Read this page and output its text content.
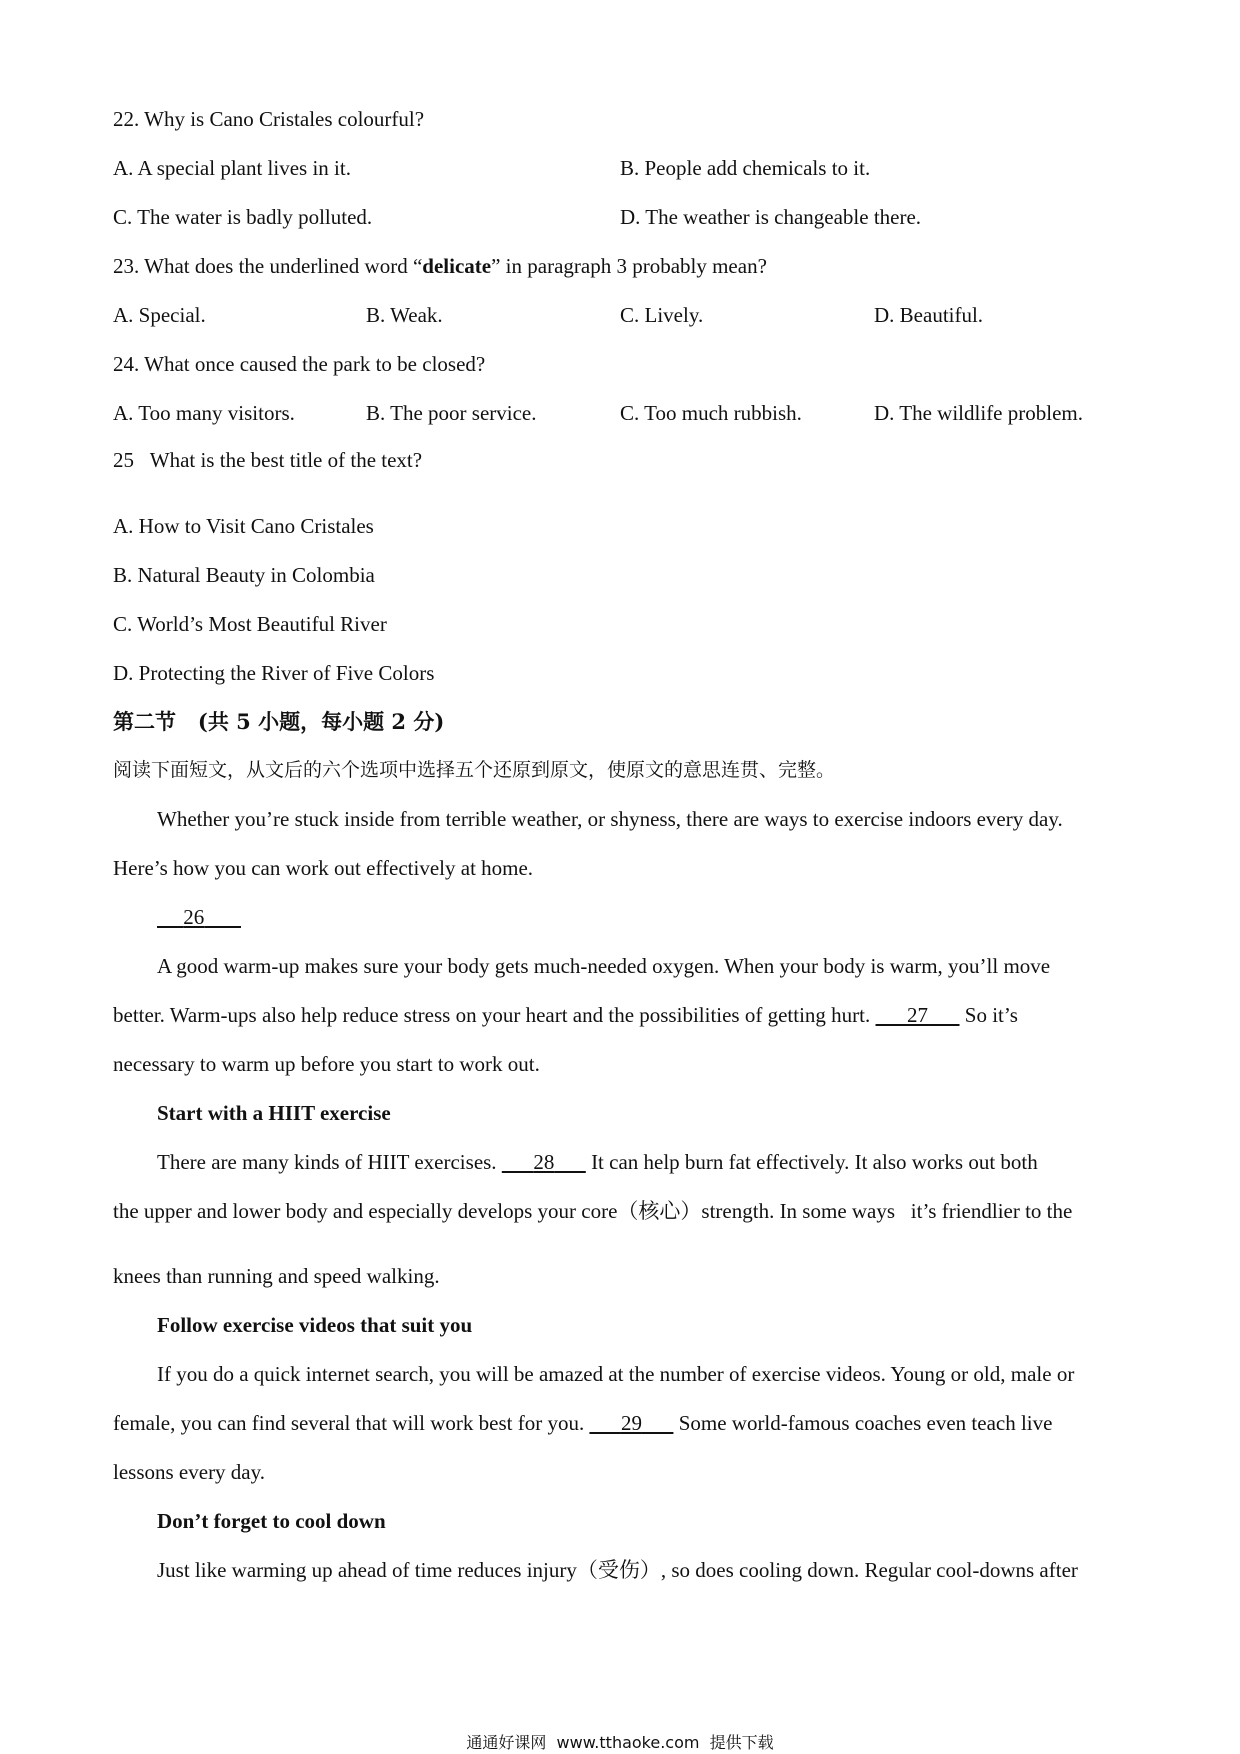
22. Why is Cano Cristales colourful?
A. A special plant lives in it.	B. People add chemicals to it.
C. The water is badly polluted.	D. The weather is changeable there.
23. What does the underlined word “delicate” in paragraph 3 probably mean?
A. Special.	B. Weak.	C. Lively.	D. Beautiful.
24. What once caused the park to be closed?
A. Too many visitors.	B. The poor service.	C. Too much rubbish.	D. The wildlife problem.
25   What is the best title of the text?
A. How to Visit Cano Cristales
B. Natural Beauty in Colombia
C. World’s Most Beautiful River
D. Protecting the River of Five Colors
第二节   (共 5 小题，每小题 2 分)
阅读下面短文，从文后的六个选项中选择五个还原到原文，使原文的意思连贯、完整。
Whether you’re stuck inside from terrible weather, or shyness, there are ways to exercise indoors every day.
Here’s how you can work out effectively at home.
26
A good warm-up makes sure your body gets much-needed oxygen. When your body is warm, you’ll move
better. Warm-ups also help reduce stress on your heart and the possibilities of getting hurt. 27 So it’s
necessary to warm up before you start to work out.
Start with a HIIT exercise
There are many kinds of HIIT exercises. 28 It can help burn fat effectively. It also works out both
the upper and lower body and especially develops your core（核心）strength. In some ways   it’s friendlier to the
knees than running and speed walking.
Follow exercise videos that suit you
If you do a quick internet search, you will be amazed at the number of exercise videos. Young or old, male or
female, you can find several that will work best for you. 29 Some world-famous coaches even teach live
lessons every day.
Don’t forget to cool down
Just like warming up ahead of time reduces injury（受伤）, so does cooling down. Regular cool-downs after
通通好课网  www.tthaoke.com  提供下载
